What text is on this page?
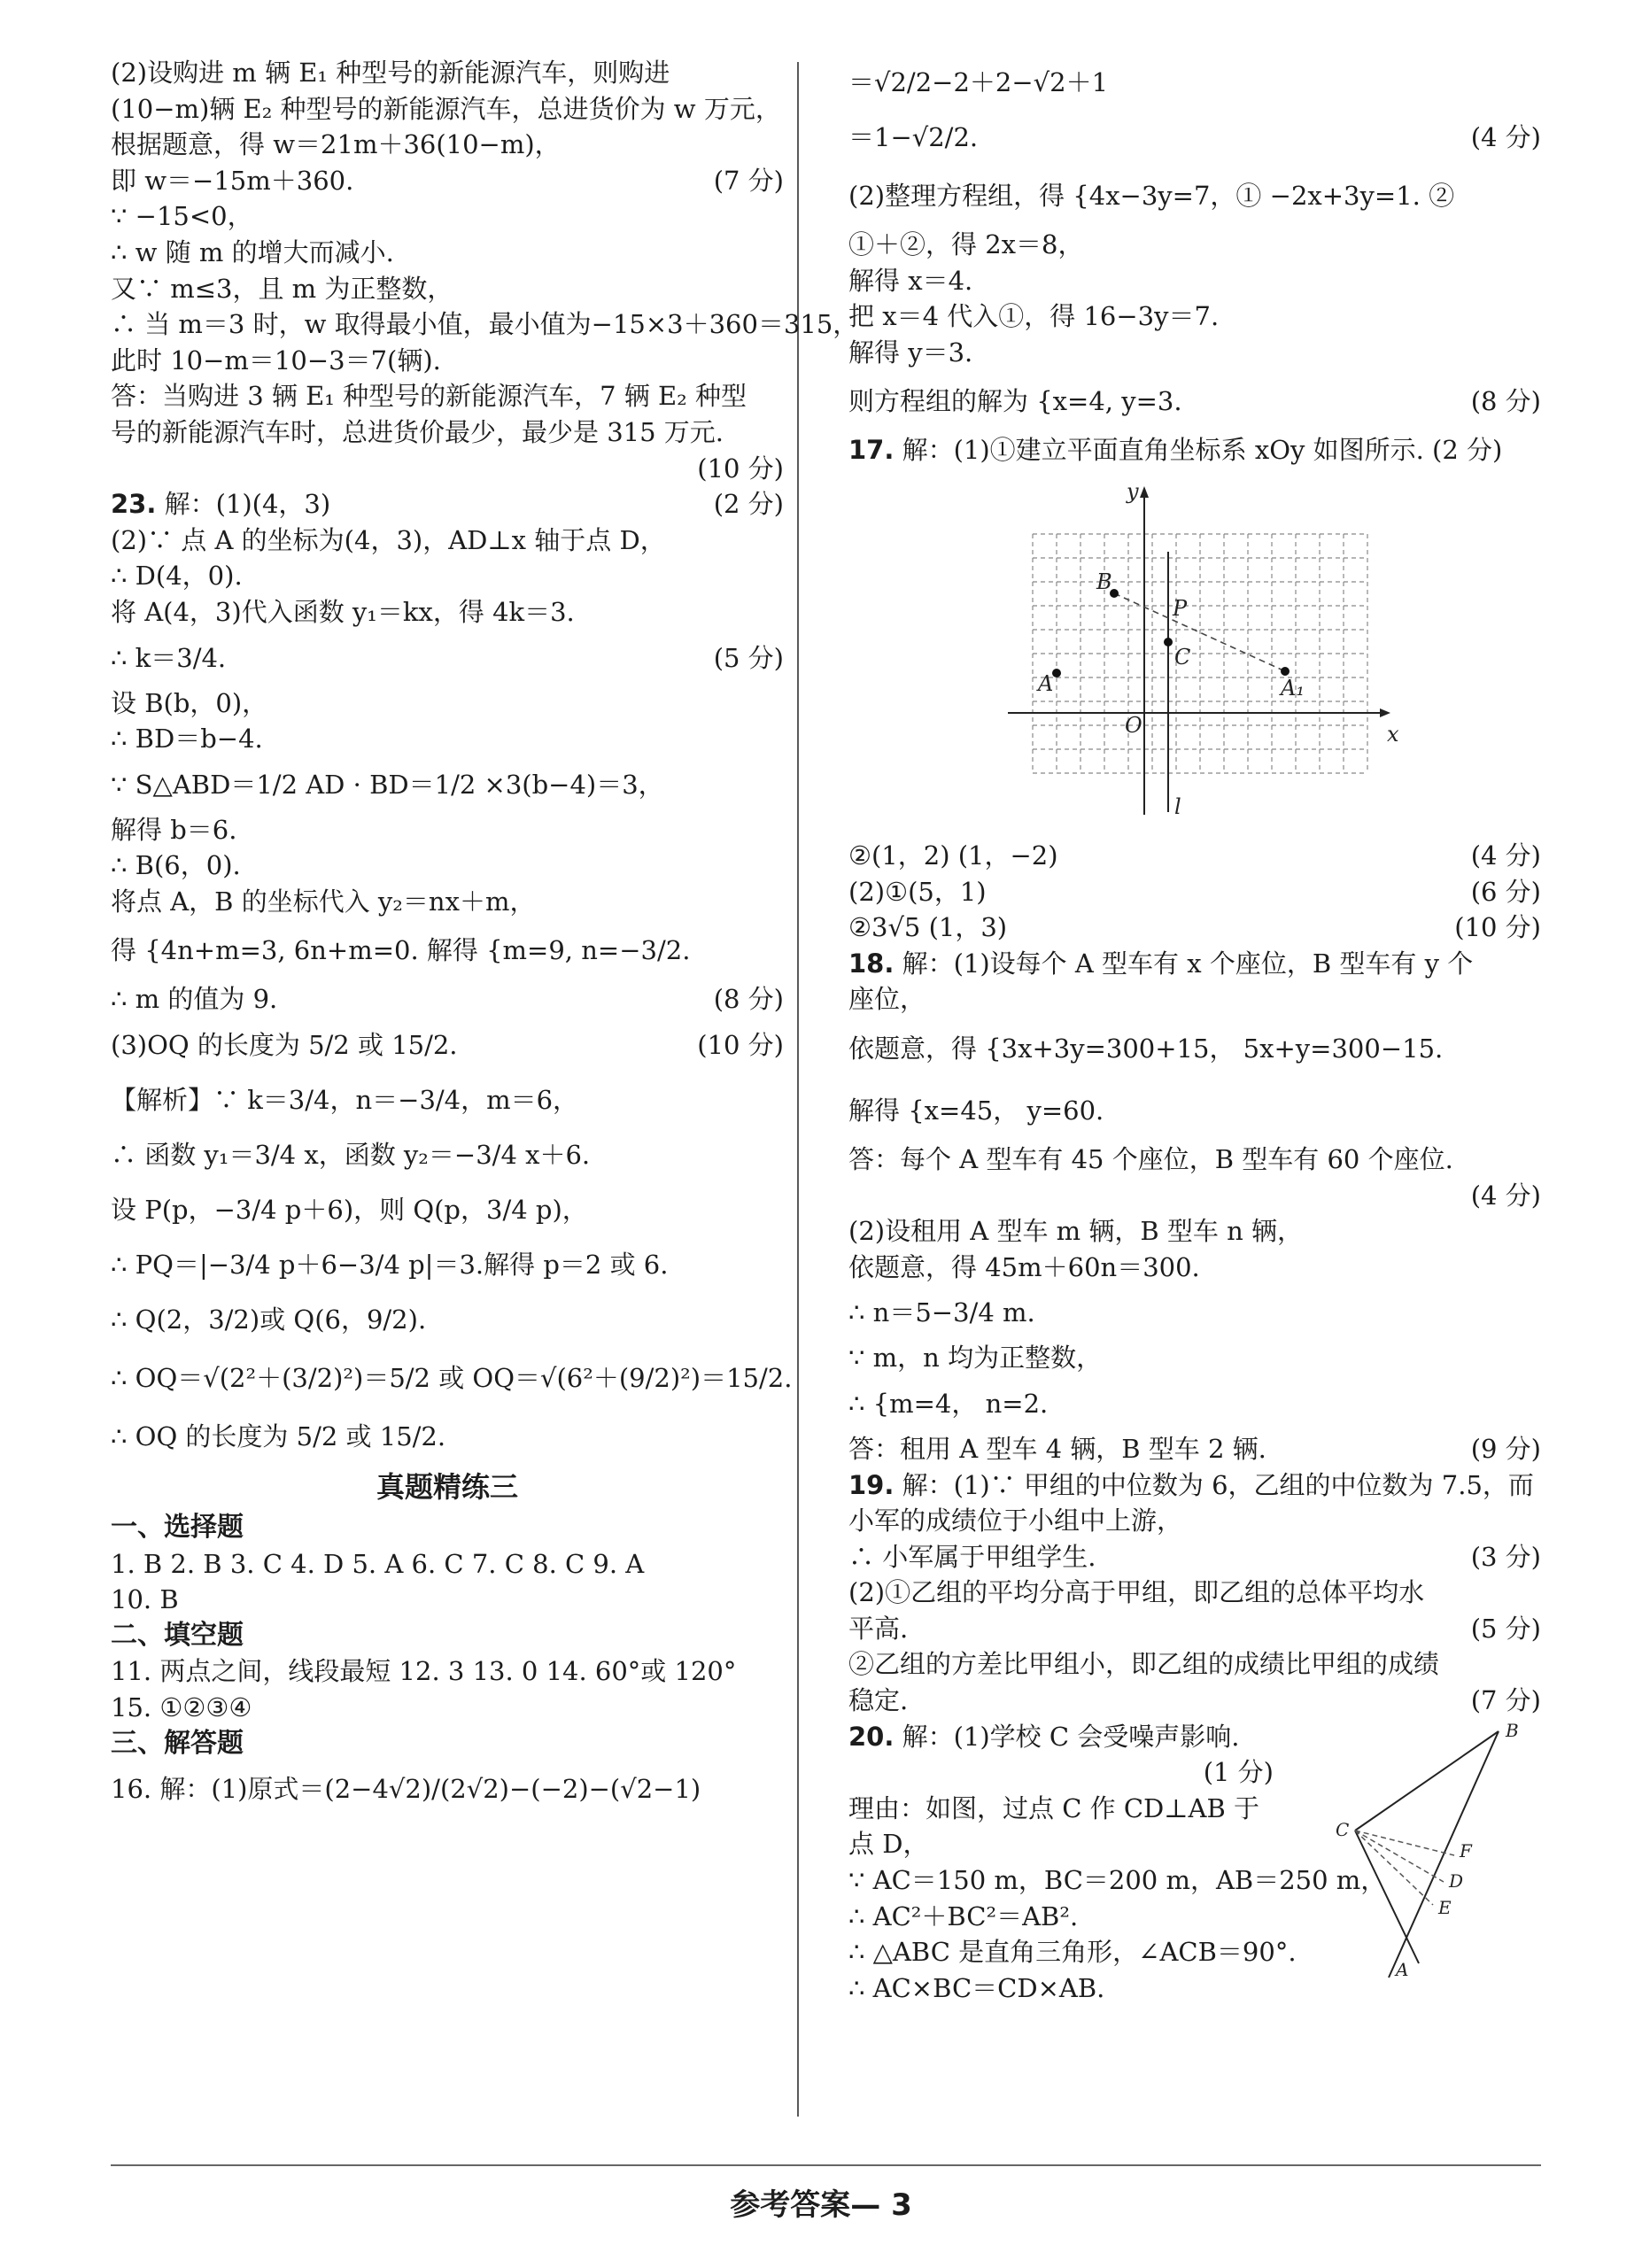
(2)设购进 m 辆 E₁ 种型号的新能源汽车，则购进
(10−m)辆 E₂ 种型号的新能源汽车，总进货价为 w 万元，
根据题意，得 w＝21m＋36(10−m)，
即 w＝−15m＋360.	(7 分)
∵ −15<0，
∴ w 随 m 的增大而减小.
又∵ m≤3，且 m 为正整数，
∴ 当 m＝3 时，w 取得最小值，最小值为−15×3＋360＝315，
此时 10−m＝10−3＝7(辆).
答：当购进 3 辆 E₁ 种型号的新能源汽车，7 辆 E₂ 种型
号的新能源汽车时，总进货价最少，最少是 315 万元.
(10 分)
23. 解：(1)(4，3)	(2 分)
(2)∵ 点 A 的坐标为(4，3)，AD⊥x 轴于点 D，
∴ D(4，0).
将 A(4，3)代入函数 y₁＝kx，得 4k＝3.
∴ k＝3/4.	(5 分)
设 B(b，0)，
∴ BD＝b−4.
∵ S△ABD＝1/2 AD · BD＝1/2 ×3(b−4)＝3，
解得 b＝6.
∴ B(6，0).
将点 A，B 的坐标代入 y₂＝nx＋m，
得 {4n+m=3, 6n+m=0. 解得 {m=9, n=−3/2.
∴ m 的值为 9.	(8 分)
(3)OQ 的长度为 5/2 或 15/2.	(10 分)
【解析】∵ k＝3/4，n＝−3/4，m＝6，
∴ 函数 y₁＝3/4 x，函数 y₂＝−3/4 x＋6.
设 P(p，−3/4 p＋6)，则 Q(p，3/4 p)，
∴ PQ＝|−3/4 p＋6−3/4 p|＝3.解得 p＝2 或 6.
∴ Q(2，3/2)或 Q(6，9/2).
∴ OQ＝√(2²＋(3/2)²)＝5/2 或 OQ＝√(6²＋(9/2)²)＝15/2.
∴ OQ 的长度为 5/2 或 15/2.
真题精练三
一、选择题
1. B 2. B 3. C 4. D 5. A 6. C 7. C 8. C 9. A
10. B
二、填空题
11. 两点之间，线段最短 12. 3 13. 0 14. 60°或 120°
15. ①②③④
三、解答题
16. 解：(1)原式＝(2−4√2)/(2√2)−(−2)−(√2−1)
＝√2/2−2＋2−√2＋1
＝1−√2/2.	(4 分)
(2)整理方程组，得 {4x−3y=7，① −2x+3y=1. ②
①＋②，得 2x＝8，
解得 x＝4.
把 x＝4 代入①，得 16−3y＝7.
解得 y＝3.
则方程组的解为 {x=4, y=3.	(8 分)
17. 解：(1)①建立平面直角坐标系 xOy 如图所示. (2 分)
x
y
O
A	A₁
B
C
P
l
②(1，2) (1，−2)	(4 分)
(2)①(5，1)	(6 分)
②3√5 (1，3)	(10 分)
18. 解：(1)设每个 A 型车有 x 个座位，B 型车有 y 个
座位，
依题意，得 {3x+3y=300+15， 5x+y=300−15.
解得 {x=45， y=60.
答：每个 A 型车有 45 个座位，B 型车有 60 个座位.
(4 分)
(2)设租用 A 型车 m 辆，B 型车 n 辆，
依题意，得 45m＋60n＝300.
∴ n＝5−3/4 m.
∵ m，n 均为正整数，
∴ {m=4， n=2.
答：租用 A 型车 4 辆，B 型车 2 辆.	(9 分)
19. 解：(1)∵ 甲组的中位数为 6，乙组的中位数为 7.5，而
小军的成绩位于小组中上游，
∴ 小军属于甲组学生.	(3 分)
(2)①乙组的平均分高于甲组，即乙组的总体平均水
平高.	(5 分)
②乙组的方差比甲组小，即乙组的成绩比甲组的成绩
稳定.	(7 分)
20. 解：(1)学校 C 会受噪声影响.
(1 分)
理由：如图，过点 C 作 CD⊥AB 于
点 D，
∵ AC＝150 m，BC＝200 m，AB＝250 m，
∴ AC²＋BC²＝AB².
∴ △ABC 是直角三角形，∠ACB＝90°.
∴ AC×BC＝CD×AB.
B
C
F
D
E
A
参考答案— 3
